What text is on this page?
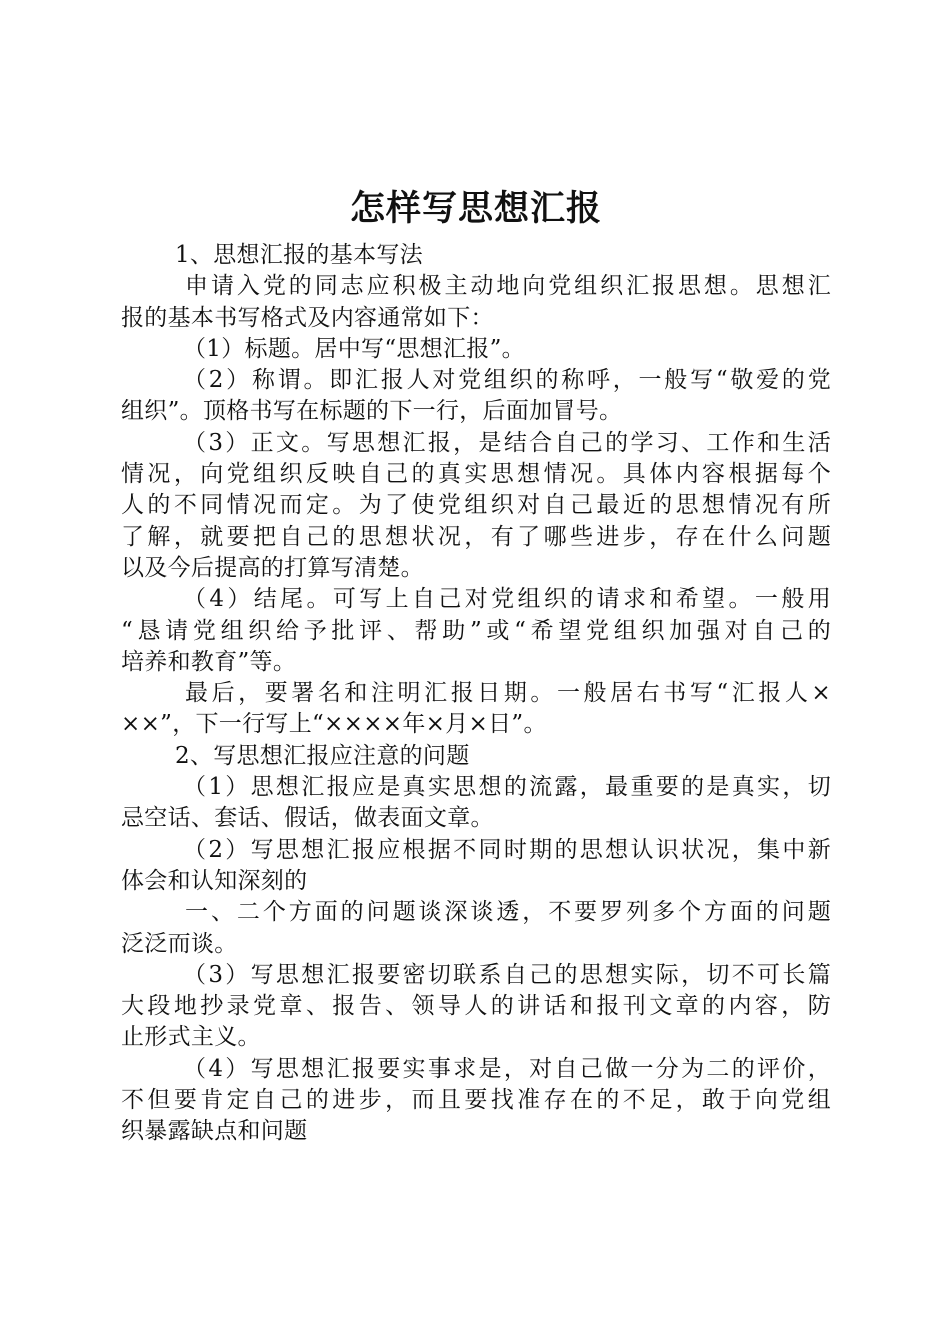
怎样写思想汇报
1、思想汇报的基本写法
申请入党的同志应积极主动地向党组织汇报思想。思想汇
报的基本书写格式及内容通常如下：
（1）标题。居中写“思想汇报”。
（2）称谓。即汇报人对党组织的称呼，一般写“敬爱的党
组织”。顶格书写在标题的下一行，后面加冒号。
（3）正文。写思想汇报，是结合自己的学习、工作和生活
情况，向党组织反映自己的真实思想情况。具体内容根据每个
人的不同情况而定。为了使党组织对自己最近的思想情况有所
了解，就要把自己的思想状况，有了哪些进步，存在什么问题
以及今后提高的打算写清楚。
（4）结尾。可写上自己对党组织的请求和希望。一般用
“恳请党组织给予批评、帮助”或“希望党组织加强对自己的
培养和教育”等。
最后，要署名和注明汇报日期。一般居右书写“汇报人×
××”，下一行写上“××××年×月×日”。
2、写思想汇报应注意的问题
（1）思想汇报应是真实思想的流露，最重要的是真实，切
忌空话、套话、假话，做表面文章。
（2）写思想汇报应根据不同时期的思想认识状况，集中新
体会和认知深刻的
一、二个方面的问题谈深谈透，不要罗列多个方面的问题
泛泛而谈。
（3）写思想汇报要密切联系自己的思想实际，切不可长篇
大段地抄录党章、报告、领导人的讲话和报刊文章的内容，防
止形式主义。
（4）写思想汇报要实事求是，对自己做一分为二的评价，
不但要肯定自己的进步，而且要找准存在的不足，敢于向党组
织暴露缺点和问题
